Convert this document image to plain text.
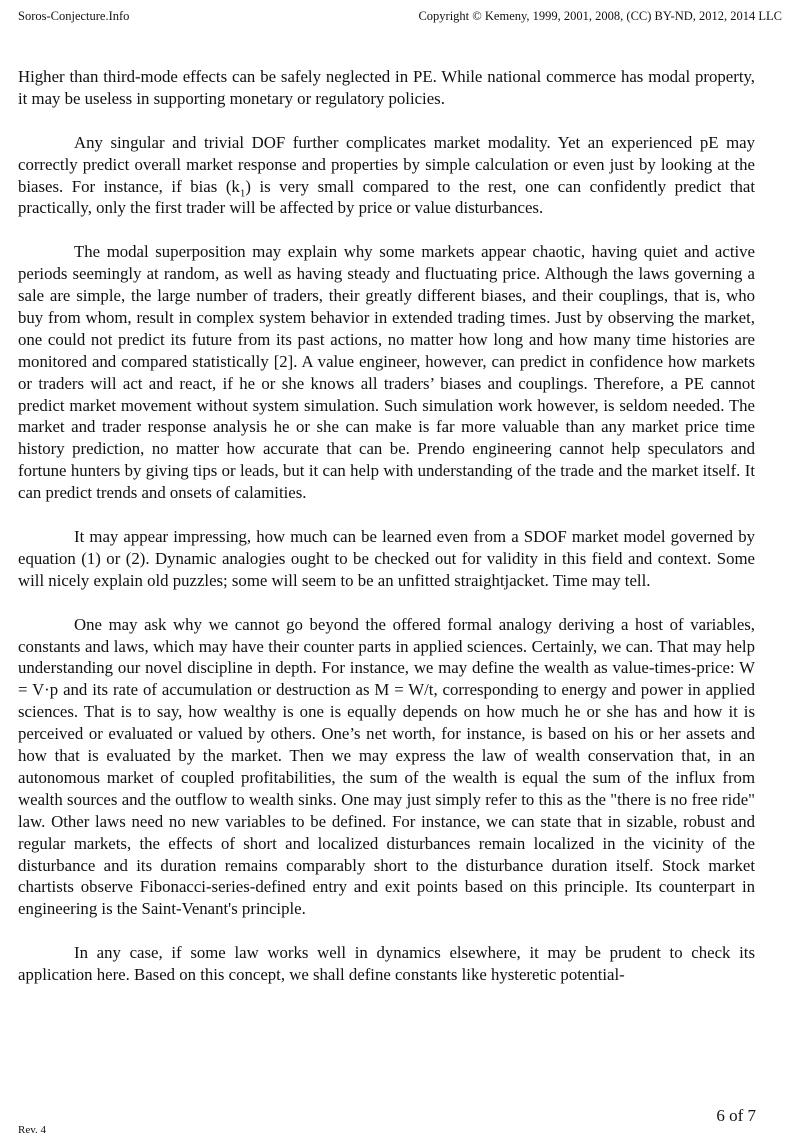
Soros-Conjecture.Info	Copyright © Kemeny, 1999, 2001, 2008, (CC) BY-ND, 2012, 2014 LLC

Higher than third-mode effects can be safely neglected in PE. While national commerce has modal property, it may be useless in supporting monetary or regulatory policies.

Any singular and trivial DOF further complicates market modality. Yet an experienced pE may correctly predict overall market response and properties by simple calculation or even just by looking at the biases. For instance, if bias $(k_1)$ is very small compared to the rest, one can confidently predict that practically, only the first trader will be affected by price or value disturbances.

The modal superposition may explain why some markets appear chaotic, having quiet and active periods seemingly at random, as well as having steady and fluctuating price. Although the laws governing a sale are simple, the large number of traders, their greatly different biases, and their couplings, that is, who buy from whom, result in complex system behavior in extended trading times. Just by observing the market, one could not predict its future from its past actions, no matter how long and how many time histories are monitored and compared statistically [2]. A value engineer, however, can predict in confidence how markets or traders will act and react, if he or she knows all traders’ biases and couplings. Therefore, a PE cannot predict market movement without system simulation. Such simulation work however, is seldom needed. The market and trader response analysis he or she can make is far more valuable than any market price time history prediction, no matter how accurate that can be. Prendo engineering cannot help speculators and fortune hunters by giving tips or leads, but it can help with understanding of the trade and the market itself. It can predict trends and onsets of calamities.

It may appear impressing, how much can be learned even from a SDOF market model governed by equation (1) or (2). Dynamic analogies ought to be checked out for validity in this field and context. Some will nicely explain old puzzles; some will seem to be an unfitted straightjacket. Time may tell.

One may ask why we cannot go beyond the offered formal analogy deriving a host of variables, constants and laws, which may have their counter parts in applied sciences. Certainly, we can. That may help understanding our novel discipline in depth. For instance, we may define the wealth as value-times-price: W = V·p and its rate of accumulation or destruction as M = W/t, corresponding to energy and power in applied sciences. That is to say, how wealthy is one is equally depends on how much he or she has and how it is perceived or evaluated or valued by others. One’s net worth, for instance, is based on his or her assets and how that is evaluated by the market. Then we may express the law of wealth conservation that, in an autonomous market of coupled profitabilities, the sum of the wealth is equal the sum of the influx from wealth sources and the outflow to wealth sinks. One may just simply refer to this as the "there is no free ride" law. Other laws need no new variables to be defined. For instance, we can state that in sizable, robust and regular markets, the effects of short and localized disturbances remain localized in the vicinity of the disturbance and its duration remains comparably short to the disturbance duration itself. Stock market chartists observe Fibonacci-series-defined entry and exit points based on this principle. Its counterpart in engineering is the Saint-Venant's principle.

In any case, if some law works well in dynamics elsewhere, it may be prudent to check its application here. Based on this concept, we shall define constants like hysteretic potential-

6 of 7
Rev. 4
